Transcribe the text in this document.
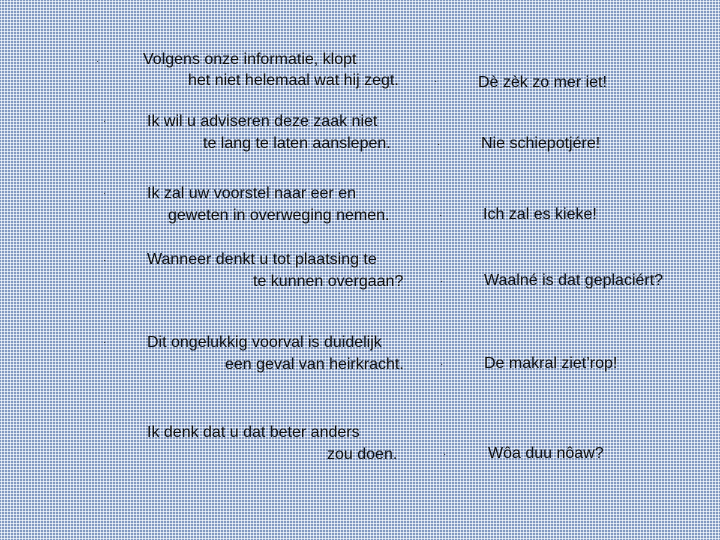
·	Volgens onze informatie, klopt
het niet helemaal wat hij zegt.	·	Dè zèk zo mer iet!
·	Ik wil u adviseren deze zaak niet
te lang te laten aanslepen.	·	Nie schiepotjére!
·	Ik zal uw voorstel naar eer en
geweten in overweging nemen.	·	Ich zal es kieke!
·	Wanneer denkt u tot plaatsing te
te kunnen overgaan?	·	Waalné is dat geplaciért?
·	Dit ongelukkig voorval is duidelijk
een geval van heirkracht.	·	De makral ziet’rop!
Ik denk dat u dat beter anders
zou doen.	·	Wôa duu nôaw?
